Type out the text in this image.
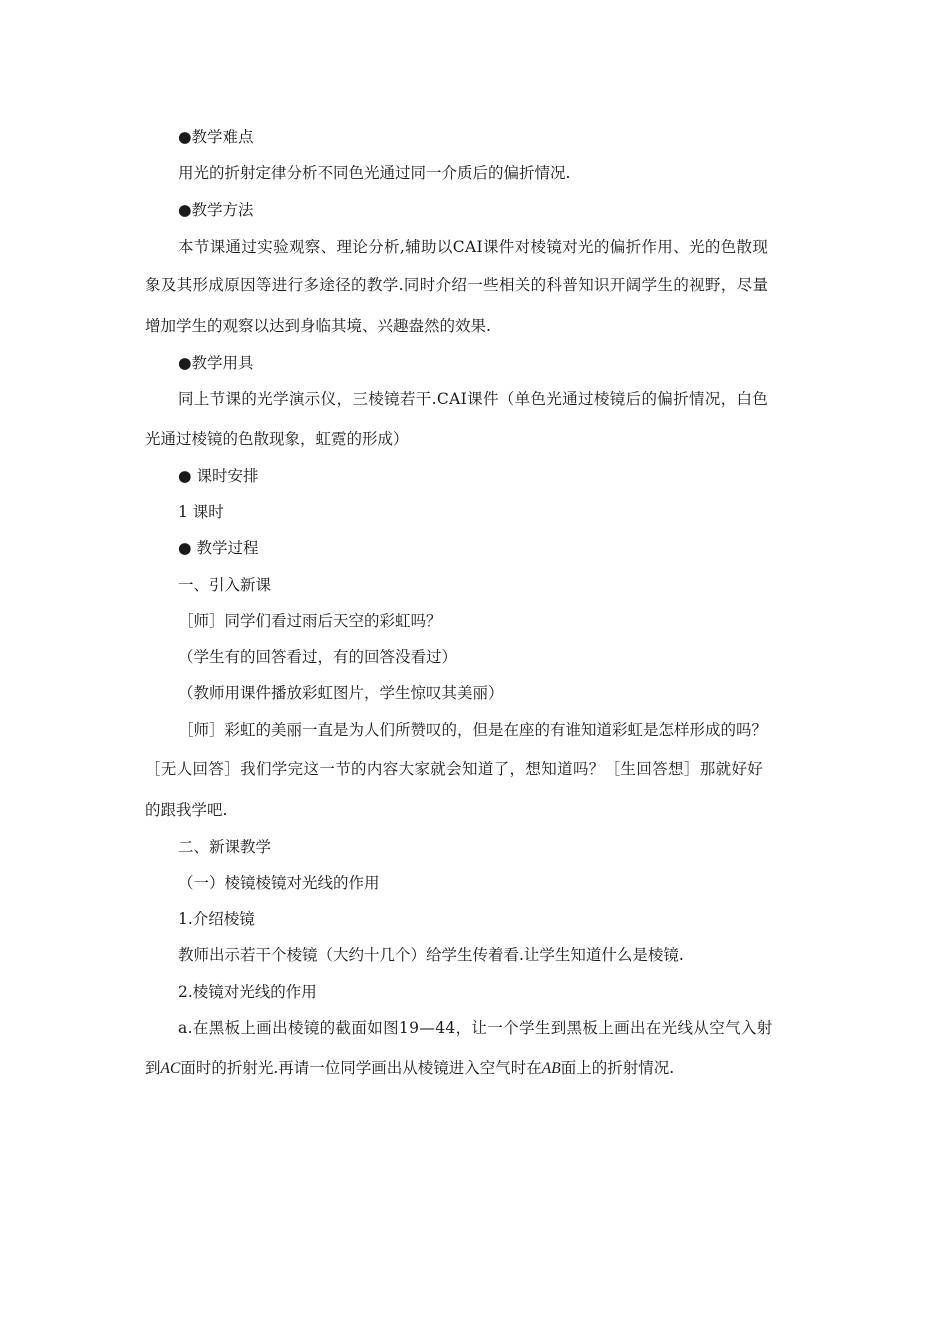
●教学难点
用光的折射定律分析不同色光通过同一介质后的偏折情况.
●教学方法
本节课通过实验观察、理论分析,辅助以CAI课件对棱镜对光的偏折作用、光的色散现
象及其形成原因等进行多途径的教学.同时介绍一些相关的科普知识开阔学生的视野，尽量
增加学生的观察以达到身临其境、兴趣盎然的效果.
●教学用具
同上节课的光学演示仪，三棱镜若干.CAI课件（单色光通过棱镜后的偏折情况，白色
光通过棱镜的色散现象，虹霓的形成）
● 课时安排
1 课时
● 教学过程
一、引入新课
［师］同学们看过雨后天空的彩虹吗？
（学生有的回答看过，有的回答没看过）
（教师用课件播放彩虹图片，学生惊叹其美丽）
［师］彩虹的美丽一直是为人们所赞叹的，但是在座的有谁知道彩虹是怎样形成的吗？
［无人回答］我们学完这一节的内容大家就会知道了，想知道吗？［生回答想］那就好好
的跟我学吧.
二、新课教学
（一）棱镜棱镜对光线的作用
1.介绍棱镜
教师出示若干个棱镜（大约十几个）给学生传着看.让学生知道什么是棱镜.
2.棱镜对光线的作用
a.在黑板上画出棱镜的截面如图19—44，让一个学生到黑板上画出在光线从空气入射
到AC面时的折射光.再请一位同学画出从棱镜进入空气时在AB面上的折射情况.
